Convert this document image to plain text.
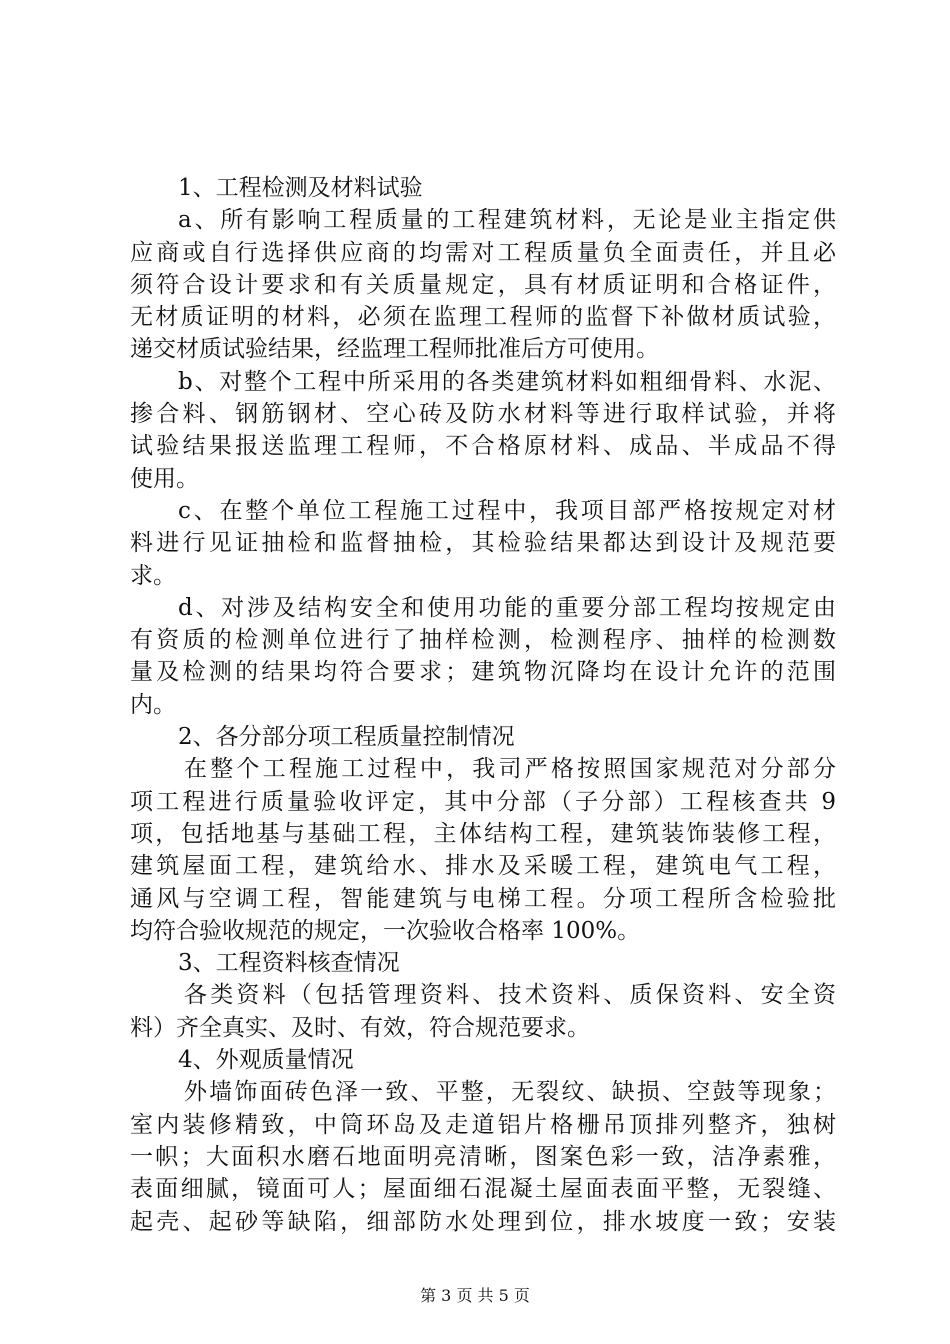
1、工程检测及材料试验
a、所有影响工程质量的工程建筑材料，无论是业主指定供
应商或自行选择供应商的均需对工程质量负全面责任，并且必
须符合设计要求和有关质量规定，具有材质证明和合格证件，
无材质证明的材料，必须在监理工程师的监督下补做材质试验，
递交材质试验结果，经监理工程师批准后方可使用。
b、对整个工程中所采用的各类建筑材料如粗细骨料、水泥、
掺合料、钢筋钢材、空心砖及防水材料等进行取样试验，并将
试验结果报送监理工程师，不合格原材料、成品、半成品不得
使用。
c、在整个单位工程施工过程中，我项目部严格按规定对材
料进行见证抽检和监督抽检，其检验结果都达到设计及规范要
求。
d、对涉及结构安全和使用功能的重要分部工程均按规定由
有资质的检测单位进行了抽样检测，检测程序、抽样的检测数
量及检测的结果均符合要求；建筑物沉降均在设计允许的范围
内。
2、各分部分项工程质量控制情况
在整个工程施工过程中，我司严格按照国家规范对分部分
项工程进行质量验收评定，其中分部（子分部）工程核查共 9
项，包括地基与基础工程，主体结构工程，建筑装饰装修工程，
建筑屋面工程，建筑给水、排水及采暖工程，建筑电气工程，
通风与空调工程，智能建筑与电梯工程。分项工程所含检验批
均符合验收规范的规定，一次验收合格率 100%。
3、工程资料核查情况
各类资料（包括管理资料、技术资料、质保资料、安全资
料）齐全真实、及时、有效，符合规范要求。
4、外观质量情况
外墙饰面砖色泽一致、平整，无裂纹、缺损、空鼓等现象；
室内装修精致，中筒环岛及走道铝片格栅吊顶排列整齐，独树
一帜；大面积水磨石地面明亮清晰，图案色彩一致，洁净素雅，
表面细腻，镜面可人；屋面细石混凝土屋面表面平整，无裂缝、
起壳、起砂等缺陷，细部防水处理到位，排水坡度一致；安装
第 3 页 共 5 页
